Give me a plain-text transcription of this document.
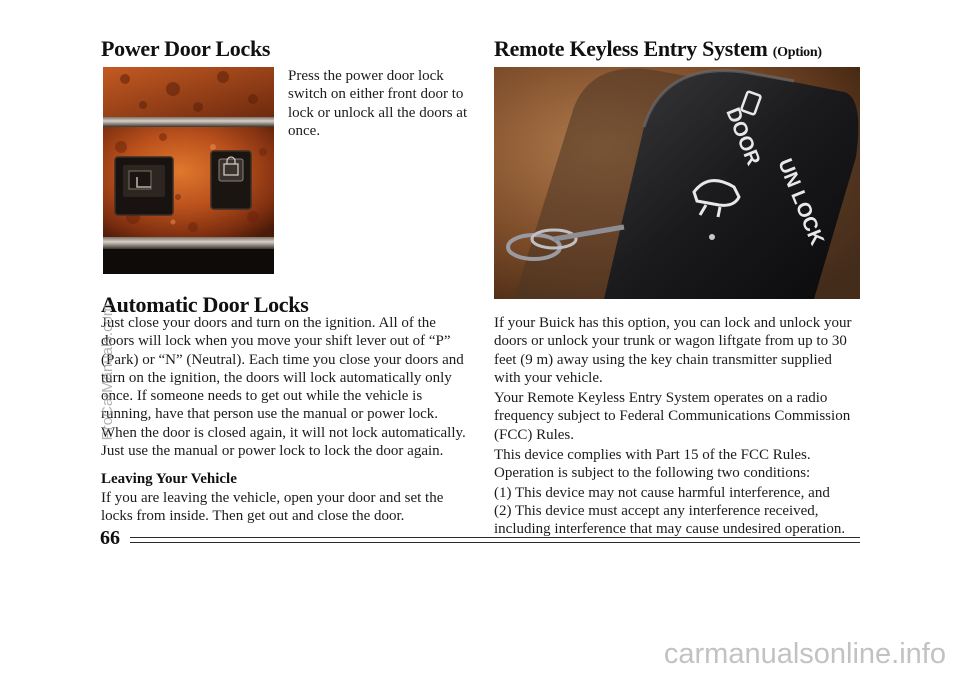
Power Door Locks

Press the power door lock switch on either front door to lock or unlock all the doors at once.

Automatic Door Locks

Just close your doors and turn on the ignition. All of the doors will lock when you move your shift lever out of “P” (Park) or “N” (Neutral). Each time you close your doors and turn on the ignition, the doors will lock automatically only once. If someone needs to get out while the vehicle is running, have that person use the manual or power lock. When the door is closed again, it will not lock automatically. Just use the manual or power lock to lock the door again.

Leaving Your Vehicle

If you are leaving the vehicle, open your door and set the locks from inside. Then get out and close the door.

Remote Keyless Entry System (Option)
DOOR
UN LOCK

If your Buick has this option, you can lock and unlock your doors or unlock your trunk or wagon liftgate from up to 30 feet (9 m) away using the key chain transmitter supplied with your vehicle.

Your Remote Keyless Entry System operates on a radio frequency subject to Federal Communications Commission (FCC) Rules.

This device complies with Part 15 of the FCC Rules. Operation is subject to the following two conditions:

(1) This device may not cause harmful interference, and

(2) This device must accept any interference received, including interference that may cause undesired operation.

66

ProCarManuals.com

carmanualsonline.info
